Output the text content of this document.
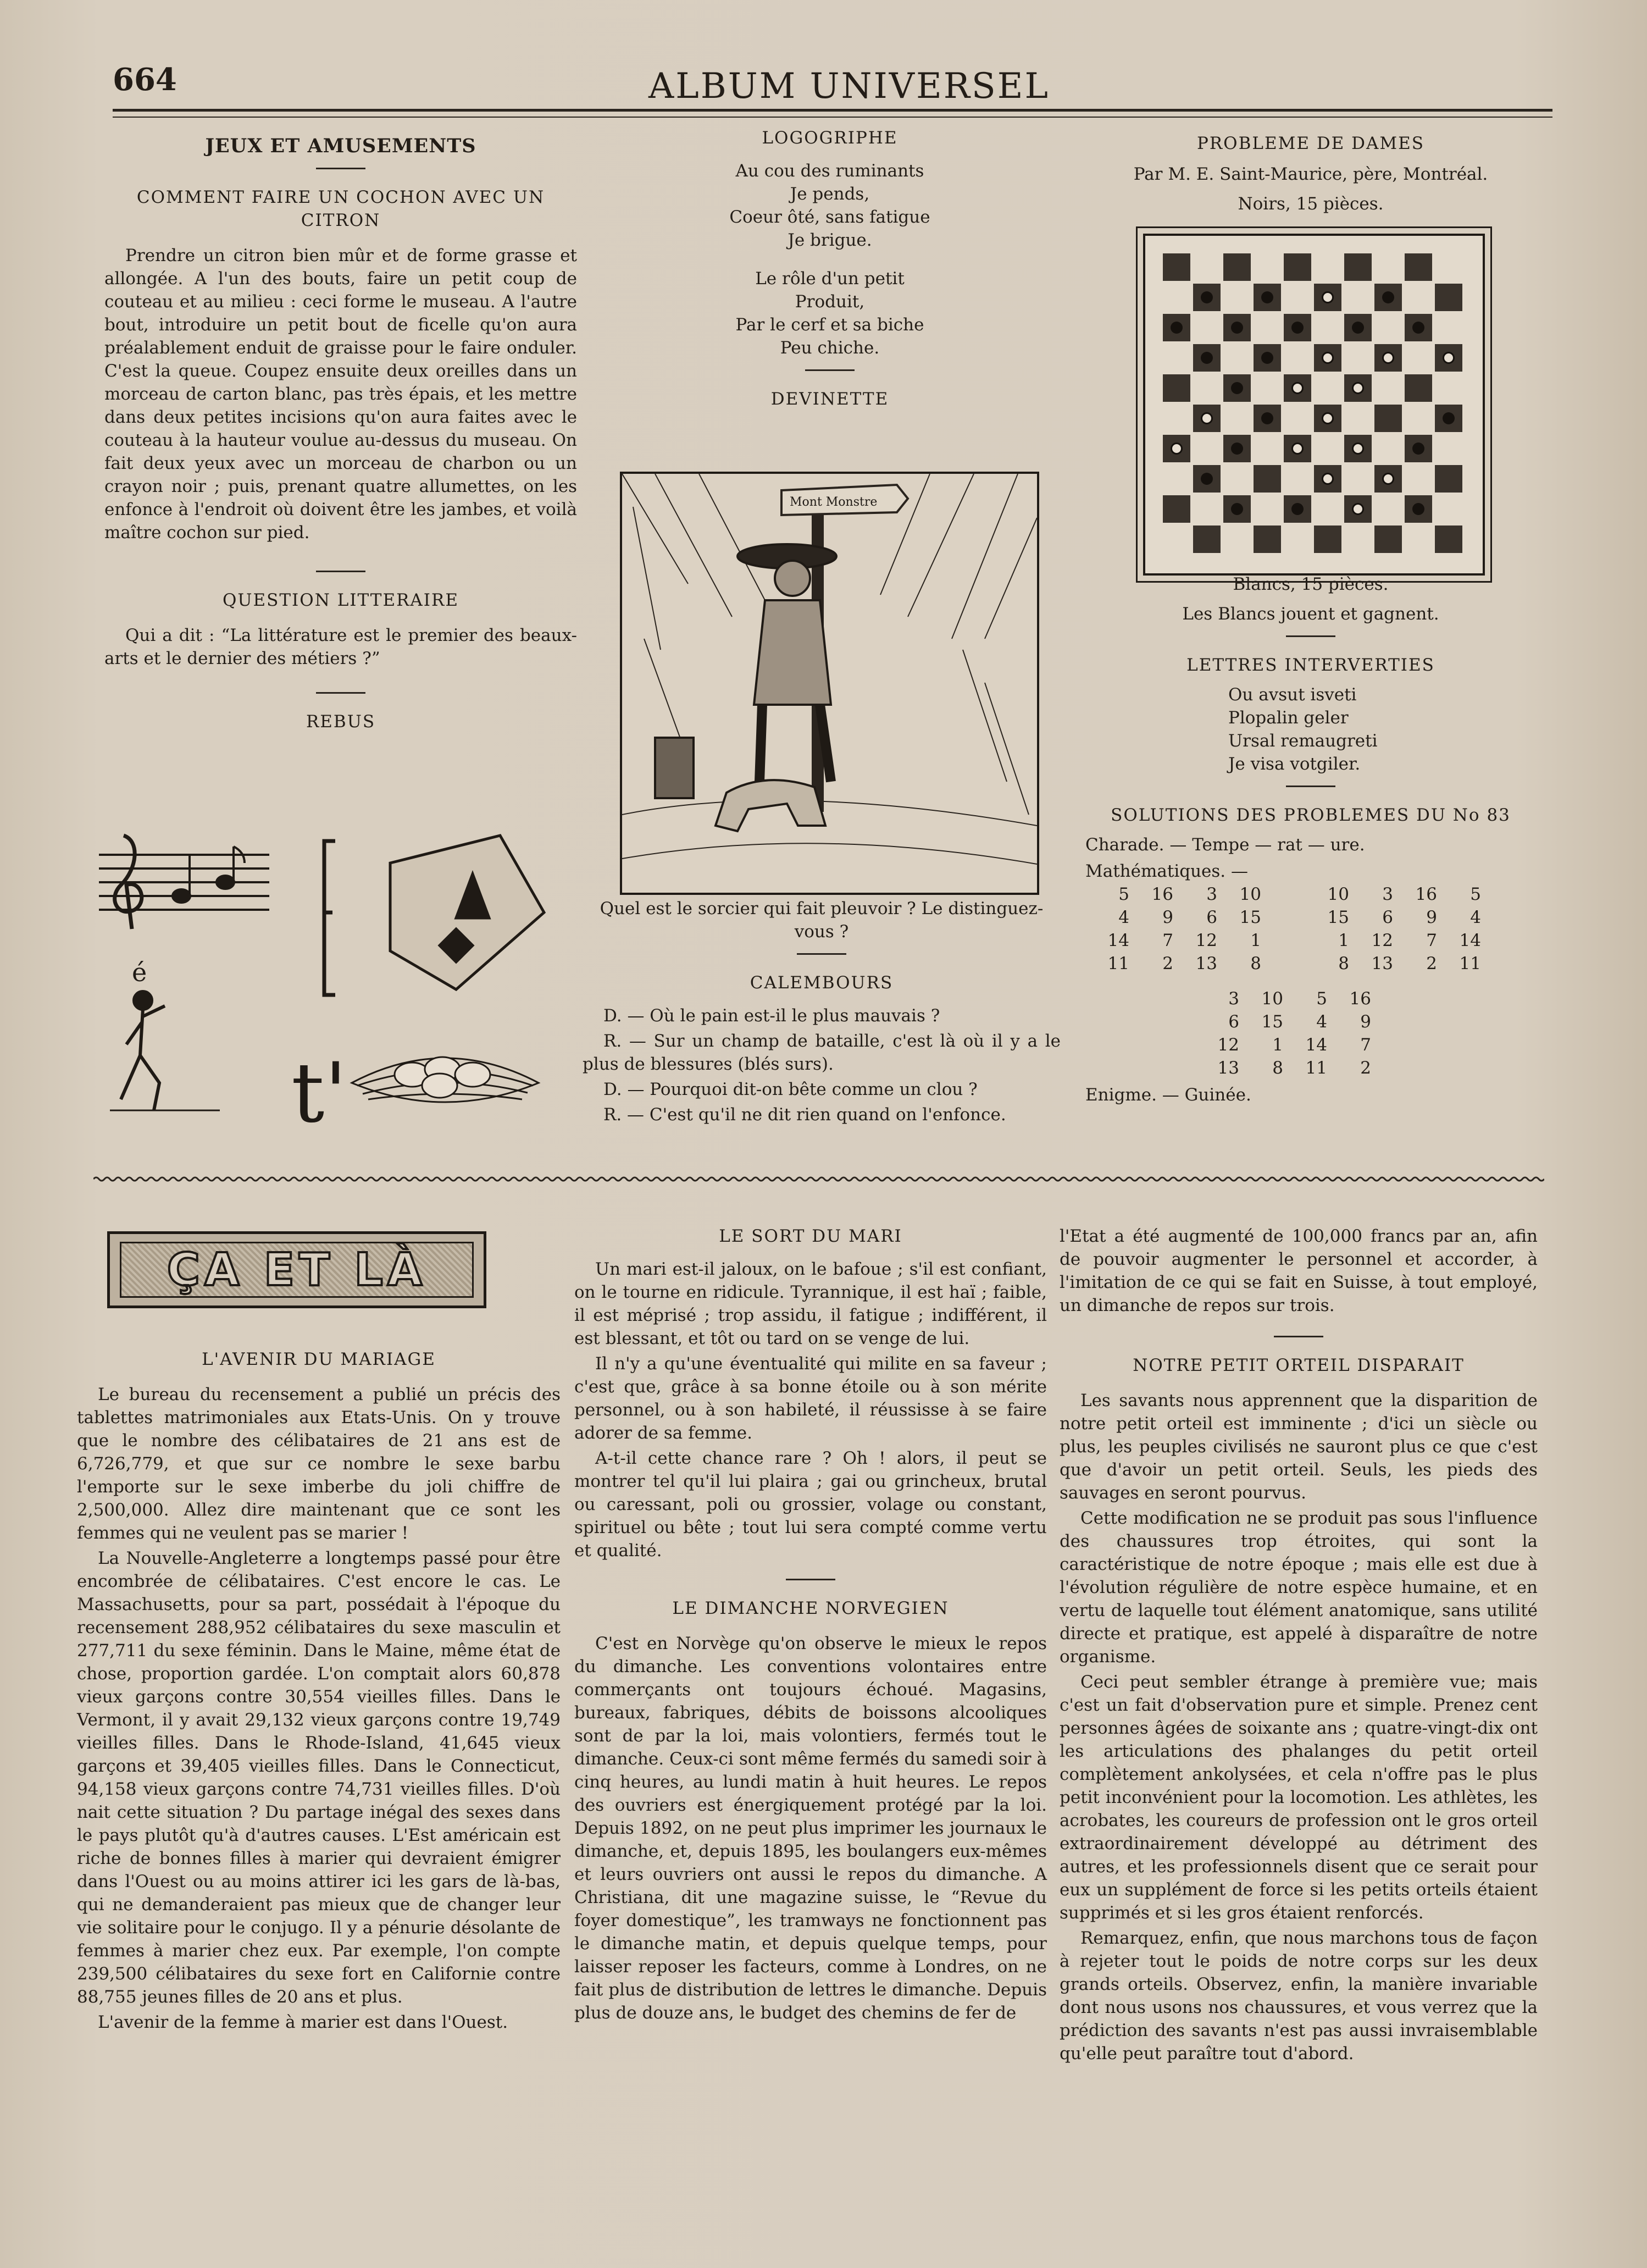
664	ALBUM UNIVERSEL
JEUX ET AMUSEMENTS
COMMENT FAIRE UN COCHON AVEC UN CITRON

Prendre un citron bien mûr et de forme grasse et allongée. A l'un des bouts, faire un petit coup de couteau et au milieu : ceci forme le museau. A l'autre bout, introduire un petit bout de ficelle qu'on aura préalablement enduit de graisse pour le faire onduler. C'est la queue. Coupez ensuite deux oreilles dans un morceau de carton blanc, pas très épais, et les mettre dans deux petites incisions qu'on aura faites avec le couteau à la hauteur voulue au-dessus du museau. On fait deux yeux avec un morceau de charbon ou un crayon noir ; puis, prenant quatre allumettes, on les enfonce à l'endroit où doivent être les jambes, et voilà maître cochon sur pied.

QUESTION LITTERAIRE

Qui a dit : “La littérature est le premier des beaux-arts et le dernier des métiers ?”

REBUS
é
t'
LOGOGRIPHE
Au cou des ruminants
Je pends,
Coeur ôté, sans fatigue
Je brigue.
Le rôle d'un petit
Produit,
Par le cerf et sa biche
Peu chiche.
DEVINETTE
Mont Monstre

Quel est le sorcier qui fait pleuvoir ? Le distinguez-vous ?

CALEMBOURS

D. — Où le pain est-il le plus mauvais ?

R. — Sur un champ de bataille, c'est là où il y a le plus de blessures (blés surs).

D. — Pourquoi dit-on bête comme un clou ?

R. — C'est qu'il ne dit rien quand on l'enfonce.

PROBLEME DE DAMES
Par M. E. Saint-Maurice, père, Montréal.
Noirs, 15 pièces.
Blancs, 15 pièces.
Les Blancs jouent et gagnent.
LETTRES INTERVERTIES
Ou avsut isveti
Plopalin geler
Ursal remaugreti
Je visa votgiler.
SOLUTIONS DES PROBLEMES DU No 83
Charade. — Tempe — rat — ure.
Mathématiques. —
5 16 3 10
4 9 6 15
14 7 12 1
11 2 13 8
10 3 16 5
15 6 9 4
1 12 7 14
8 13 2 11
3 10 5 16
6 15 4 9
12 1 14 7
13 8 11 2
Enigme. — Guinée.
ÇA ET LÀ
L'AVENIR DU MARIAGE

Le bureau du recensement a publié un précis des tablettes matrimoniales aux Etats-Unis. On y trouve que le nombre des célibataires de 21 ans est de 6,726,779, et que sur ce nombre le sexe barbu l'emporte sur le sexe imberbe du joli chiffre de 2,500,000. Allez dire maintenant que ce sont les femmes qui ne veulent pas se marier !

La Nouvelle-Angleterre a longtemps passé pour être encombrée de célibataires. C'est encore le cas. Le Massachusetts, pour sa part, possédait à l'époque du recensement 288,952 célibataires du sexe masculin et 277,711 du sexe féminin. Dans le Maine, même état de chose, proportion gardée. L'on comptait alors 60,878 vieux garçons contre 30,554 vieilles filles. Dans le Vermont, il y avait 29,132 vieux garçons contre 19,749 vieilles filles. Dans le Rhode-Island, 41,645 vieux garçons et 39,405 vieilles filles. Dans le Connecticut, 94,158 vieux garçons contre 74,731 vieilles filles. D'où nait cette situation ? Du partage inégal des sexes dans le pays plutôt qu'à d'autres causes. L'Est américain est riche de bonnes filles à marier qui devraient émigrer dans l'Ouest ou au moins attirer ici les gars de là-bas, qui ne demanderaient pas mieux que de changer leur vie solitaire pour le conjugo. Il y a pénurie désolante de femmes à marier chez eux. Par exemple, l'on compte 239,500 célibataires du sexe fort en Californie contre 88,755 jeunes filles de 20 ans et plus.

L'avenir de la femme à marier est dans l'Ouest.

LE SORT DU MARI

Un mari est-il jaloux, on le bafoue ; s'il est confiant, on le tourne en ridicule. Tyrannique, il est haï ; faible, il est méprisé ; trop assidu, il fatigue ; indifférent, il est blessant, et tôt ou tard on se venge de lui.

Il n'y a qu'une éventualité qui milite en sa faveur ; c'est que, grâce à sa bonne étoile ou à son mérite personnel, ou à son habileté, il réussisse à se faire adorer de sa femme.

A-t-il cette chance rare ? Oh ! alors, il peut se montrer tel qu'il lui plaira ; gai ou grincheux, brutal ou caressant, poli ou grossier, volage ou constant, spirituel ou bête ; tout lui sera compté comme vertu et qualité.

LE DIMANCHE NORVEGIEN

C'est en Norvège qu'on observe le mieux le repos du dimanche. Les conventions volontaires entre commerçants ont toujours échoué. Magasins, bureaux, fabriques, débits de boissons alcooliques sont de par la loi, mais volontiers, fermés tout le dimanche. Ceux-ci sont même fermés du samedi soir à cinq heures, au lundi matin à huit heures. Le repos des ouvriers est énergiquement protégé par la loi. Depuis 1892, on ne peut plus imprimer les journaux le dimanche, et, depuis 1895, les boulangers eux-mêmes et leurs ouvriers ont aussi le repos du dimanche. A Christiana, dit une magazine suisse, le “Revue du foyer domestique”, les tramways ne fonctionnent pas le dimanche matin, et depuis quelque temps, pour laisser reposer les facteurs, comme à Londres, on ne fait plus de distribution de lettres le dimanche. Depuis plus de douze ans, le budget des chemins de fer de

l'Etat a été augmenté de 100,000 francs par an, afin de pouvoir augmenter le personnel et accorder, à l'imitation de ce qui se fait en Suisse, à tout employé, un dimanche de repos sur trois.

NOTRE PETIT ORTEIL DISPARAIT

Les savants nous apprennent que la disparition de notre petit orteil est imminente ; d'ici un siècle ou plus, les peuples civilisés ne sauront plus ce que c'est que d'avoir un petit orteil. Seuls, les pieds des sauvages en seront pourvus.

Cette modification ne se produit pas sous l'influence des chaussures trop étroites, qui sont la caractéristique de notre époque ; mais elle est due à l'évolution régulière de notre espèce humaine, et en vertu de laquelle tout élément anatomique, sans utilité directe et pratique, est appelé à disparaître de notre organisme.

Ceci peut sembler étrange à première vue; mais c'est un fait d'observation pure et simple. Prenez cent personnes âgées de soixante ans ; quatre-vingt-dix ont les articulations des phalanges du petit orteil complètement ankolysées, et cela n'offre pas le plus petit inconvénient pour la locomotion. Les athlètes, les acrobates, les coureurs de profession ont le gros orteil extraordinairement développé au détriment des autres, et les professionnels disent que ce serait pour eux un supplément de force si les petits orteils étaient supprimés et si les gros étaient renforcés.

Remarquez, enfin, que nous marchons tous de façon à rejeter tout le poids de notre corps sur les deux grands orteils. Observez, enfin, la manière invariable dont nous usons nos chaussures, et vous verrez que la prédiction des savants n'est pas aussi invraisemblable qu'elle peut paraître tout d'abord.
